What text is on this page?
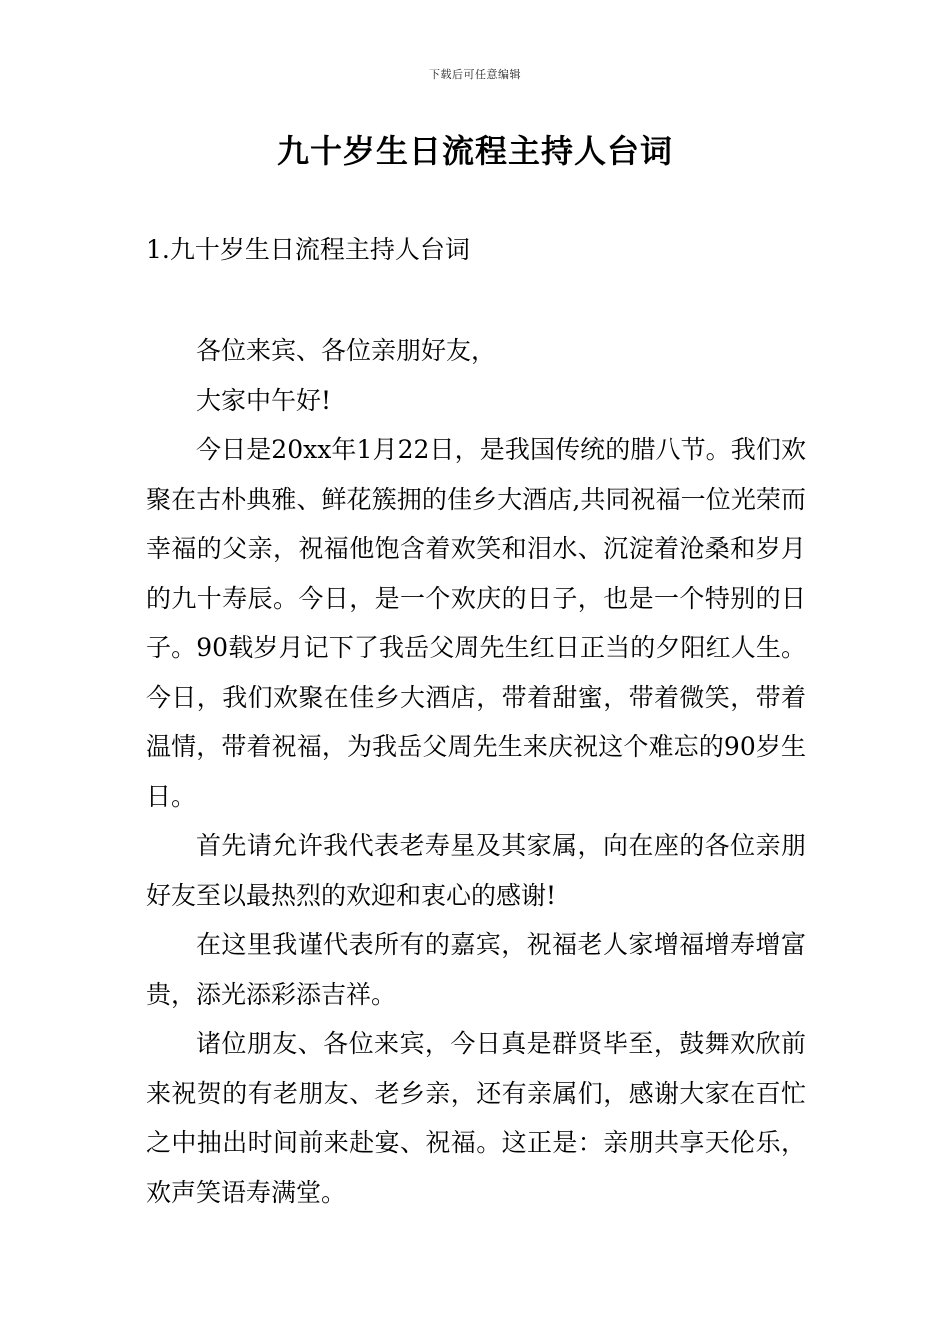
下载后可任意编辑
九十岁生日流程主持人台词
1.九十岁生日流程主持人台词

各位来宾、各位亲朋好友，

大家中午好!

今日是20xx年1月22日，是我国传统的腊八节。我们欢聚在古朴典雅、鲜花簇拥的佳乡大酒店,共同祝福一位光荣而幸福的父亲，祝福他饱含着欢笑和泪水、沉淀着沧桑和岁月的九十寿辰。今日，是一个欢庆的日子，也是一个特别的日子。90载岁月记下了我岳父周先生红日正当的夕阳红人生。今日，我们欢聚在佳乡大酒店，带着甜蜜，带着微笑，带着温情，带着祝福，为我岳父周先生来庆祝这个难忘的90岁生日。

首先请允许我代表老寿星及其家属，向在座的各位亲朋好友至以最热烈的欢迎和衷心的感谢!

在这里我谨代表所有的嘉宾，祝福老人家增福增寿增富贵，添光添彩添吉祥。

诸位朋友、各位来宾，今日真是群贤毕至，鼓舞欢欣前来祝贺的有老朋友、老乡亲，还有亲属们，感谢大家在百忙之中抽出时间前来赴宴、祝福。这正是：亲朋共享天伦乐，欢声笑语寿满堂。
